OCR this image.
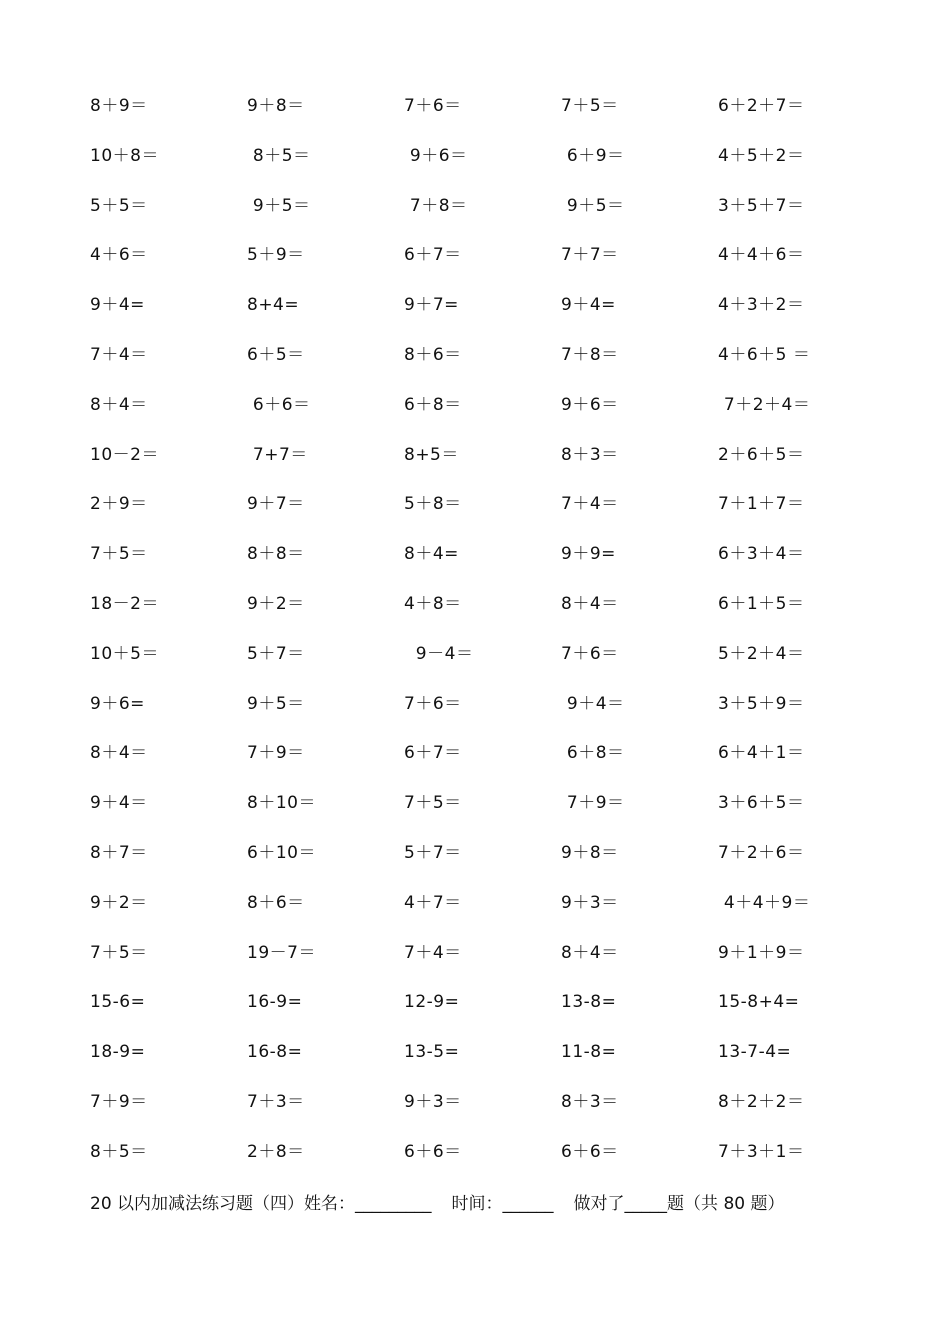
8＋9＝	9＋8＝	7＋6＝	7＋5＝	6＋2＋7＝
10＋8＝	8＋5＝	9＋6＝	6＋9＝	4＋5＋2＝
5＋5＝	9＋5＝	7＋8＝	9＋5＝	3＋5＋7＝
4＋6＝	5＋9＝	6＋7＝	7＋7＝	4＋4＋6＝
9＋4=	8+4=	9＋7=	9＋4=	4＋3＋2＝
7＋4＝	6＋5＝	8＋6＝	7＋8＝	4＋6＋5 ＝
8＋4＝	6＋6＝	6＋8＝	9＋6＝	7＋2＋4＝
10－2＝	7+7＝	8+5＝	8＋3＝	2＋6＋5＝
2＋9＝	9＋7＝	5＋8＝	7＋4＝	7＋1＋7＝
7＋5＝	8＋8＝	8＋4=	9＋9=	6＋3＋4＝
18－2＝	9＋2＝	4＋8＝	8＋4＝	6＋1＋5＝
10＋5＝	5＋7＝	9－4＝	7＋6＝	5＋2＋4＝
9＋6=	9＋5＝	7＋6＝	9＋4＝	3＋5＋9＝
8＋4＝	7＋9＝	6＋7＝	6＋8＝	6＋4＋1＝
9＋4＝	8＋10＝	7＋5＝	7＋9＝	3＋6＋5＝
8＋7＝	6＋10＝	5＋7＝	9＋8＝	7＋2＋6＝
9＋2＝	8＋6＝	4＋7＝	9＋3＝	4＋4＋9＝
7＋5＝	19－7＝	7＋4＝	8＋4＝	9＋1＋9＝
15-6=	16-9=	12-9=	13-8=	15-8+4=
18-9=	16-8=	13-5=	11-8=	13-7-4=
7＋9＝	7＋3＝	9＋3＝	8＋3＝	8＋2＋2＝
8＋5＝	2＋8＝	6＋6＝	6＋6＝	7＋3＋1＝
20 以内加减法练习题（四） 姓名： _________ 时间： ______ 做对了 _____ 题（共 80 题）
